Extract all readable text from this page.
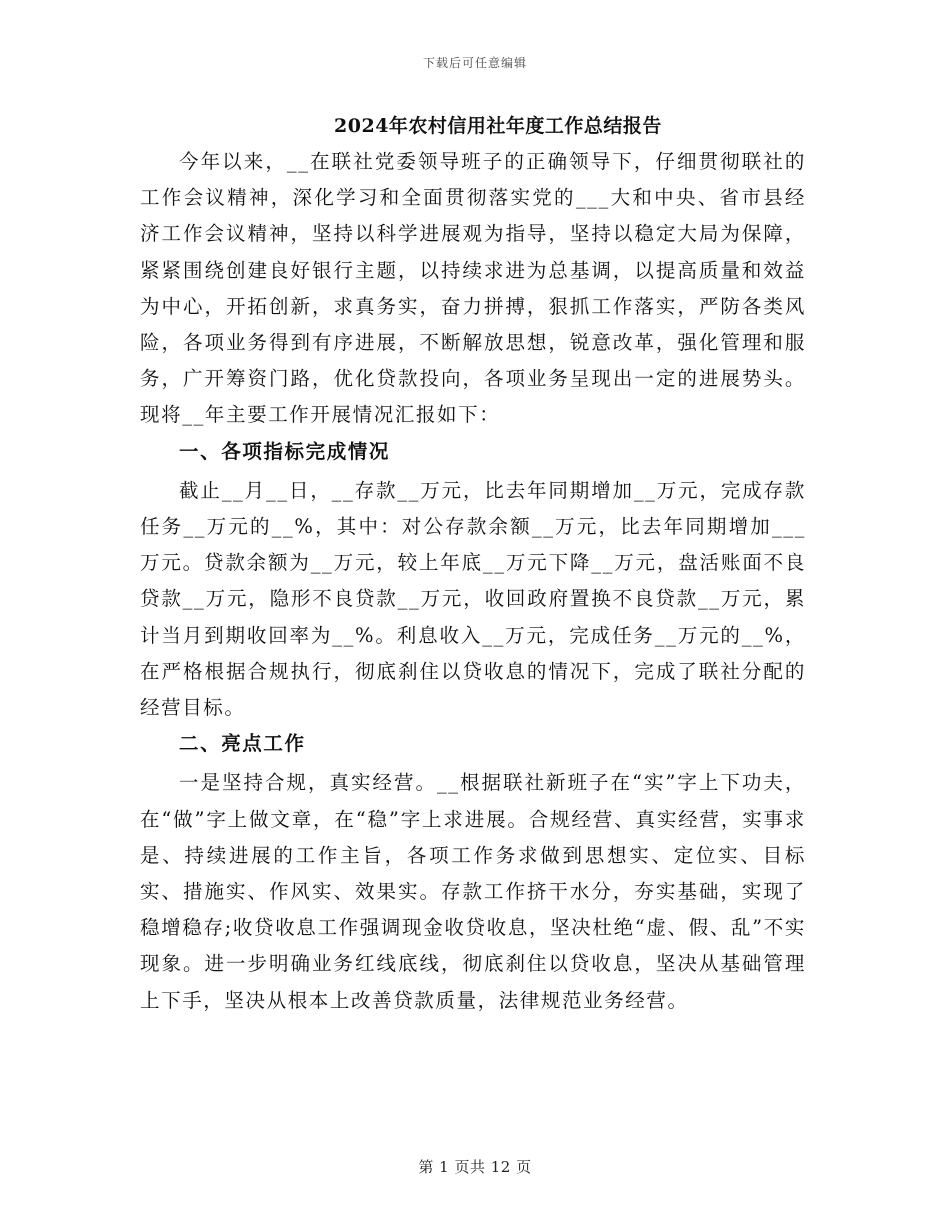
下载后可任意编辑
2024年农村信用社年度工作总结报告

今年以来，__在联社党委领导班子的正确领导下，仔细贯彻联社的工作会议精神，深化学习和全面贯彻落实党的___大和中央、省市县经济工作会议精神，坚持以科学进展观为指导，坚持以稳定大局为保障，紧紧围绕创建良好银行主题，以持续求进为总基调，以提高质量和效益为中心，开拓创新，求真务实，奋力拼搏，狠抓工作落实，严防各类风险，各项业务得到有序进展，不断解放思想，锐意改革，强化管理和服务，广开筹资门路，优化贷款投向，各项业务呈现出一定的进展势头。现将__年主要工作开展情况汇报如下：

一、各项指标完成情况

截止__月__日，__存款__万元，比去年同期增加__万元，完成存款任务__万元的__%，其中：对公存款余额__万元，比去年同期增加___万元。贷款余额为__万元，较上年底__万元下降__万元，盘活账面不良贷款__万元，隐形不良贷款__万元，收回政府置换不良贷款__万元，累计当月到期收回率为__%。利息收入__万元，完成任务__万元的__%，在严格根据合规执行，彻底刹住以贷收息的情况下，完成了联社分配的经营目标。

二、亮点工作

一是坚持合规，真实经营。__根据联社新班子在“实”字上下功夫，在“做”字上做文章，在“稳”字上求进展。合规经营、真实经营，实事求是、持续进展的工作主旨，各项工作务求做到思想实、定位实、目标实、措施实、作风实、效果实。存款工作挤干水分，夯实基础，实现了稳增稳存;收贷收息工作强调现金收贷收息，坚决杜绝“虚、假、乱”不实现象。进一步明确业务红线底线，彻底刹住以贷收息，坚决从基础管理上下手，坚决从根本上改善贷款质量，法律规范业务经营。

第 1 页共 12 页
